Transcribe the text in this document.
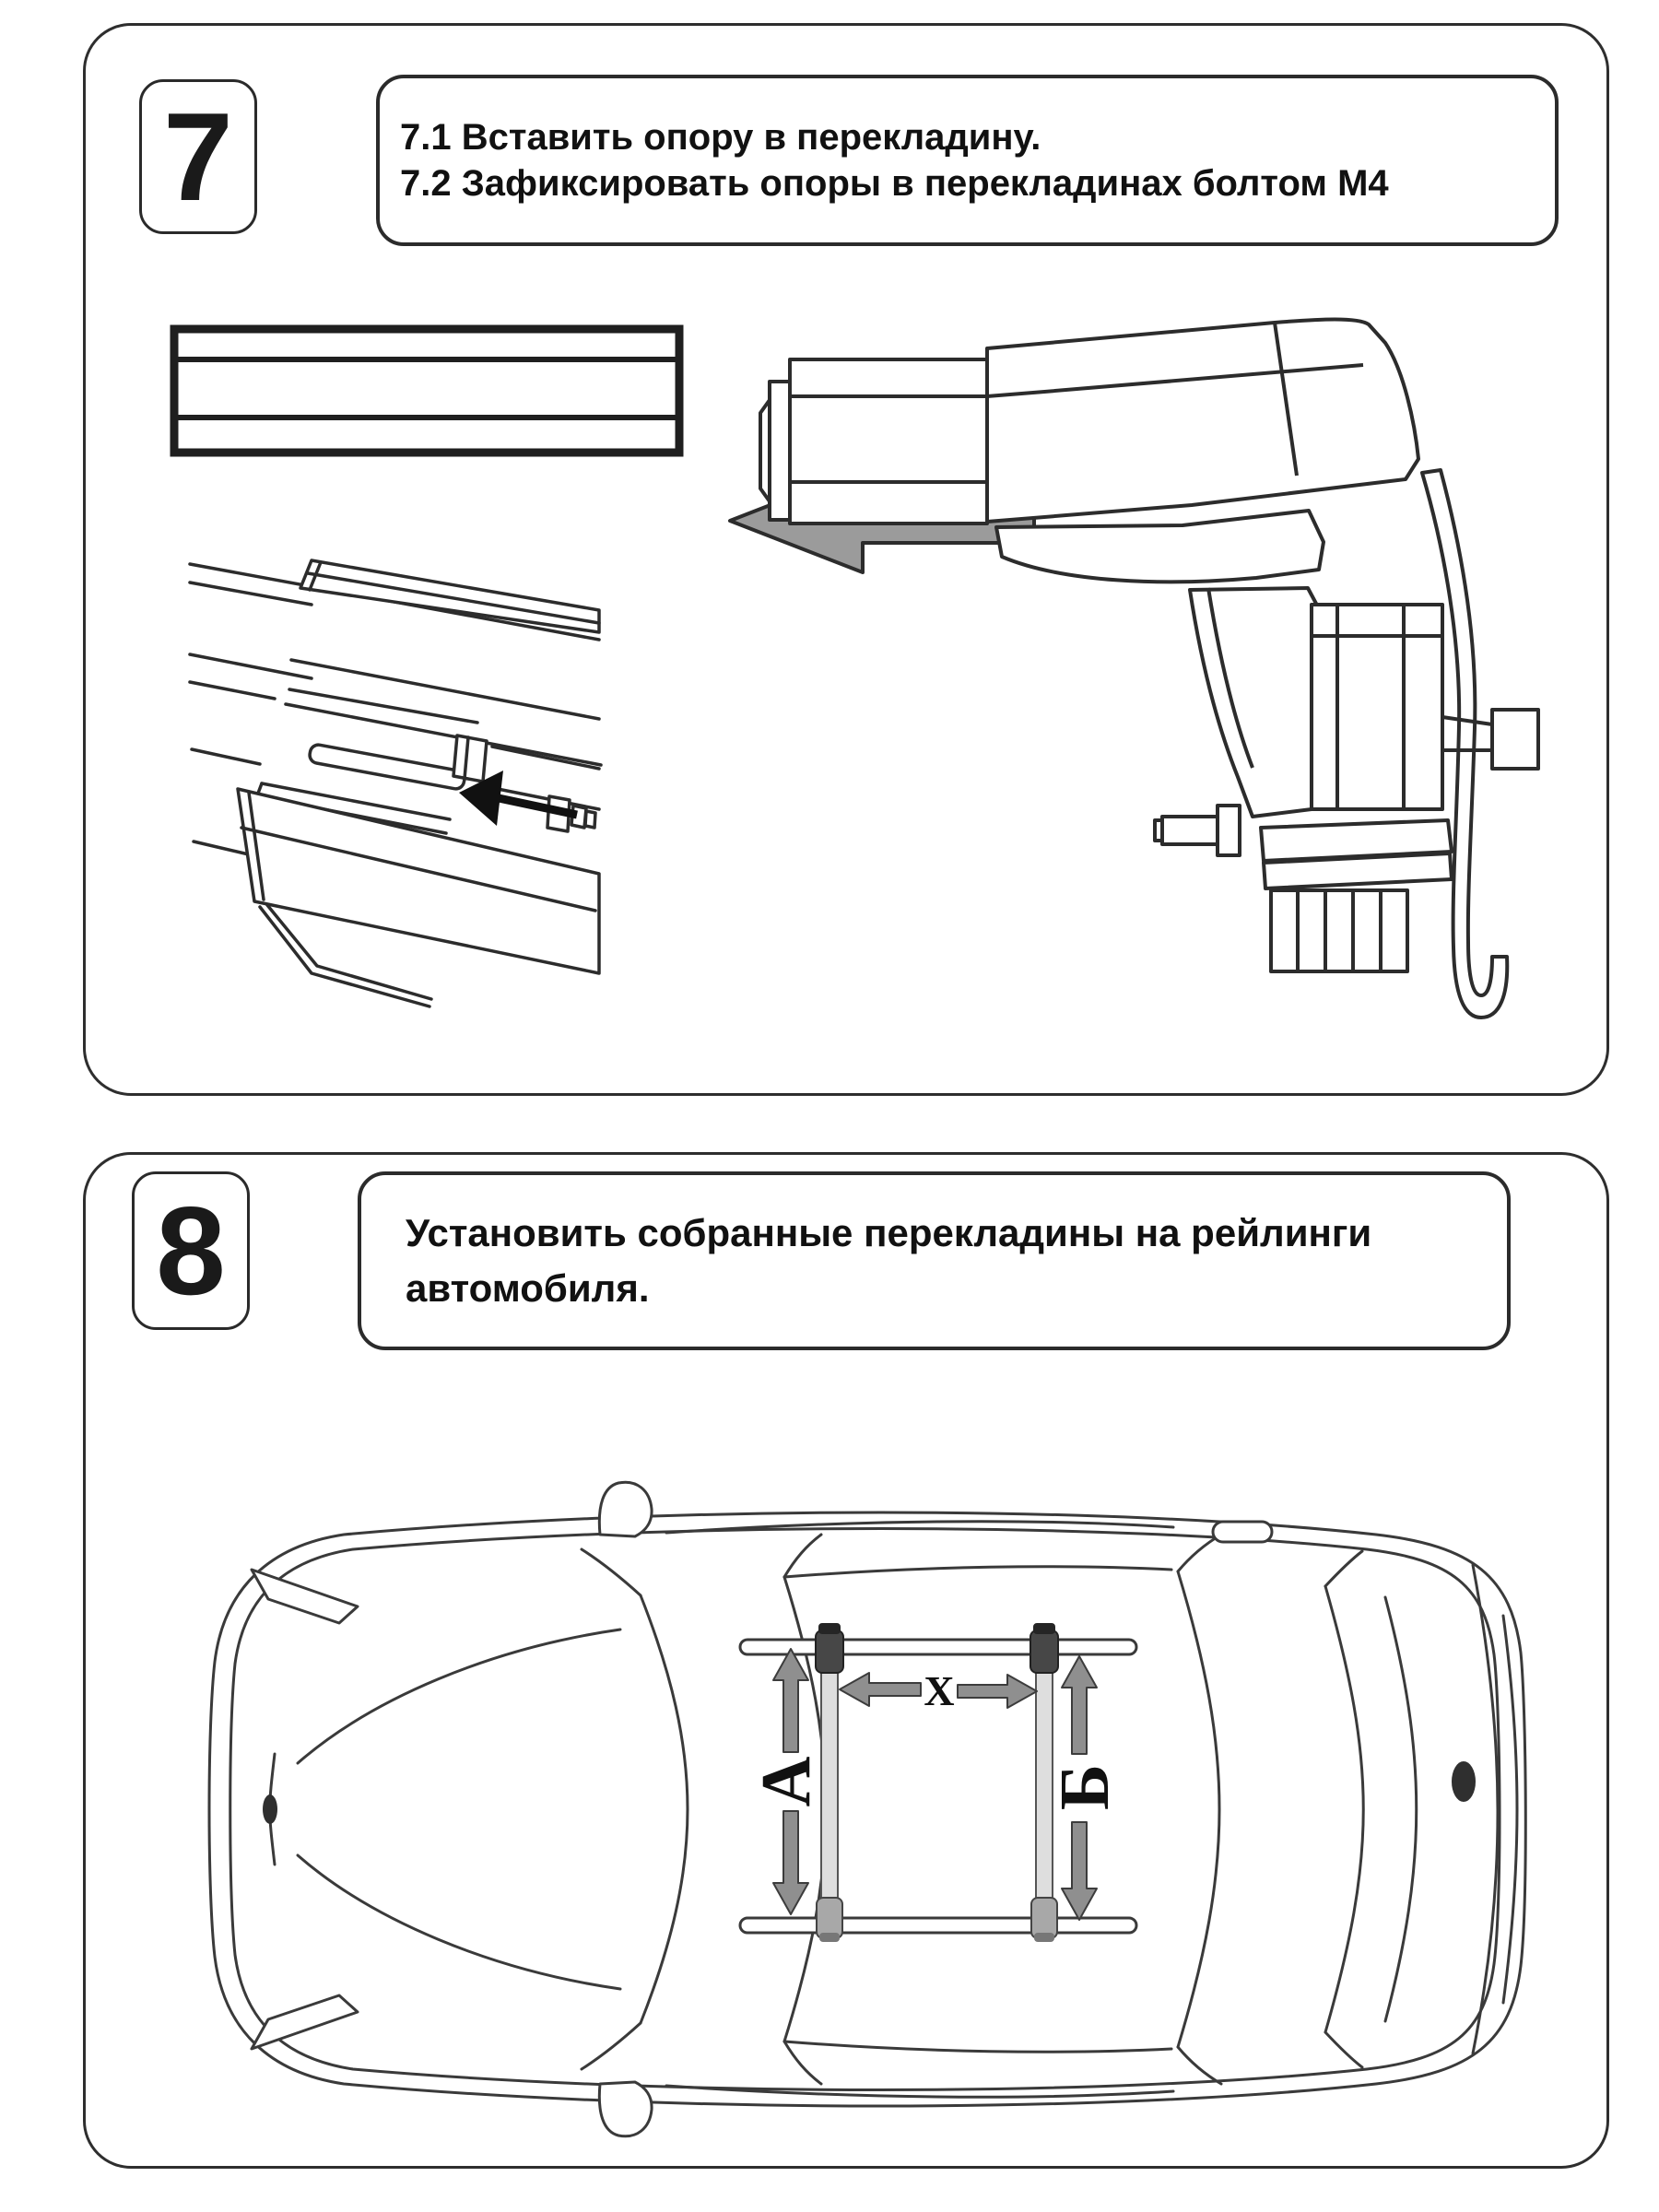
7	7.1 Вставить опору в перекладину.
7.2 Зафиксировать опоры в перекладинах болтом М4
8	Установить собранные перекладины на рейлинги
автомобиля.
А	Б
X
